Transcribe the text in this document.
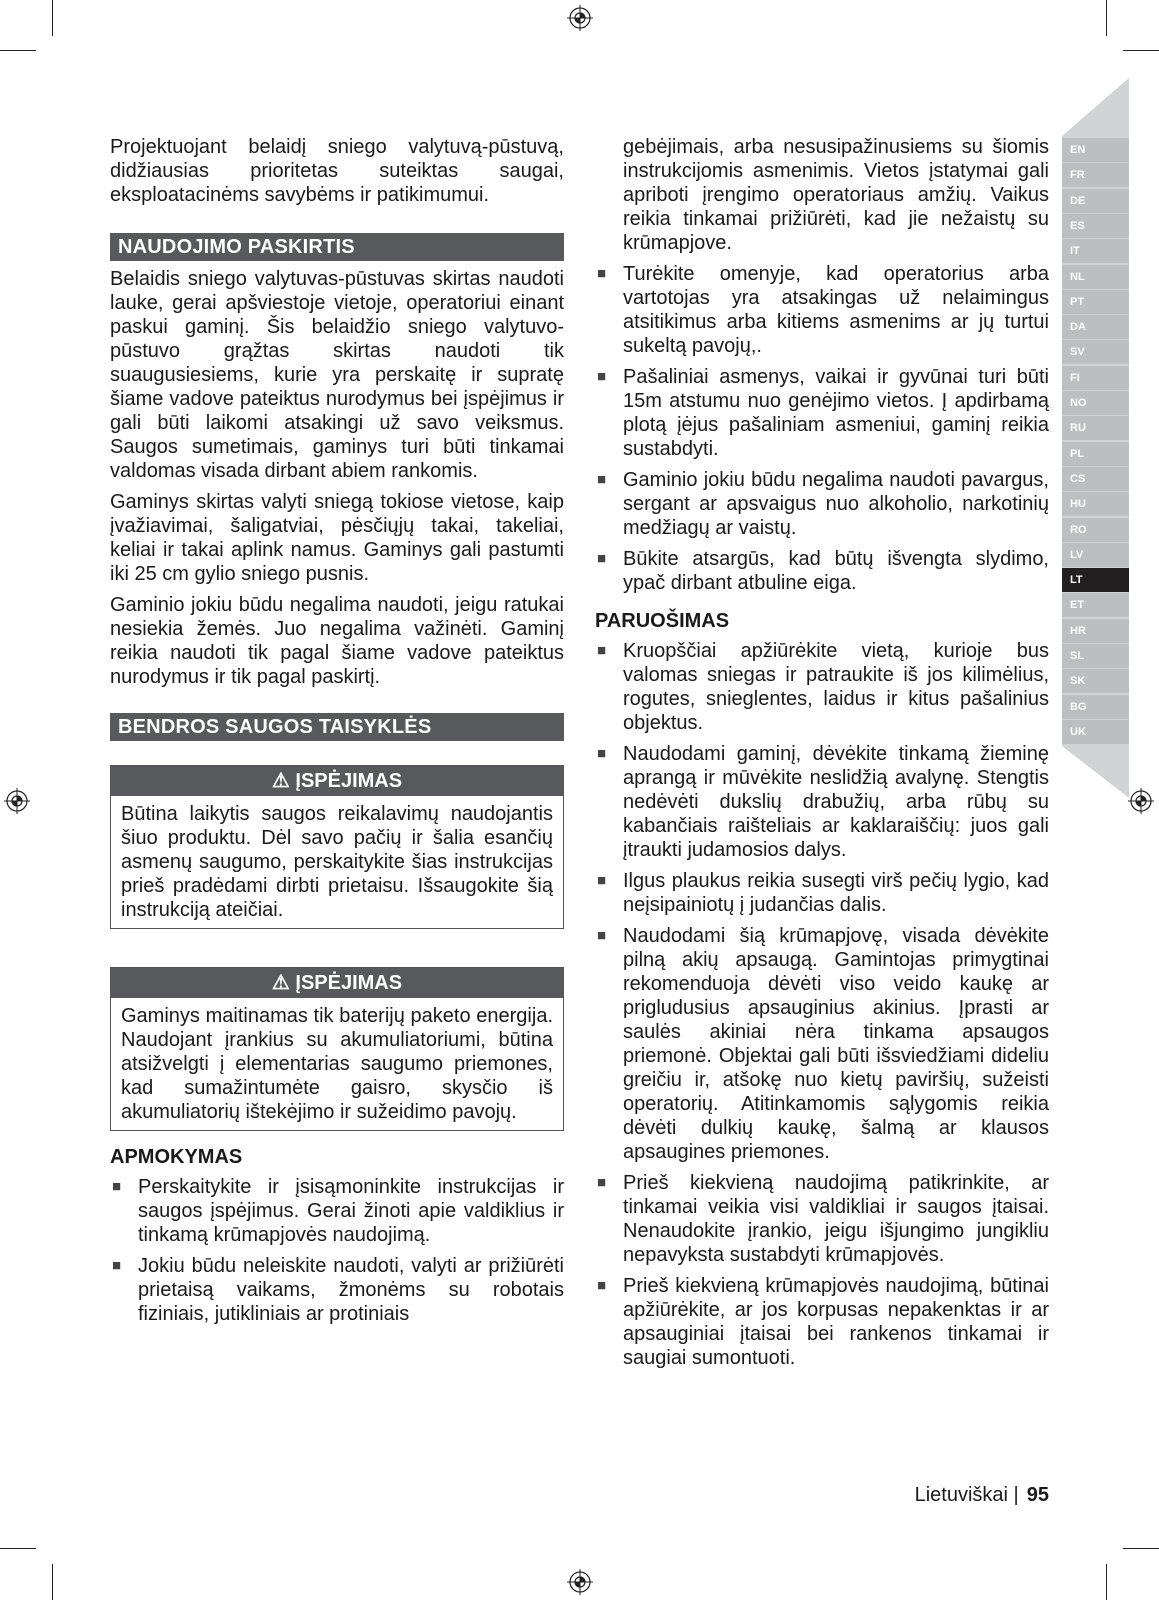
EN
FR
DE
ES
IT
NL
PT
DA
SV
FI
NO
RU
PL
CS
HU
RO
LV
LT
ET
HR
SL
SK
BG
UK

Projektuojant belaidį sniego valytuvą-pūstuvą, didžiausias prioritetas suteiktas saugai, eksploatacinėms savybėms ir patikimumui.

NAUDOJIMO PASKIRTIS

Belaidis sniego valytuvas-pūstuvas skirtas naudoti lauke, gerai apšviestoje vietoje, operatoriui einant paskui gaminį. Šis belaidžio sniego valytuvo-pūstuvo grąžtas skirtas naudoti tik suaugusiesiems, kurie yra perskaitę ir supratę šiame vadove pateiktus nurodymus bei įspėjimus ir gali būti laikomi atsakingi už savo veiksmus. Saugos sumetimais, gaminys turi būti tinkamai valdomas visada dirbant abiem rankomis.

Gaminys skirtas valyti sniegą tokiose vietose, kaip įvažiavimai, šaligatviai, pėsčiųjų takai, takeliai, keliai ir takai aplink namus. Gaminys gali pastumti iki 25 cm gylio sniego pusnis.

Gaminio jokiu būdu negalima naudoti, jeigu ratukai nesiekia žemės. Juo negalima važinėti. Gaminį reikia naudoti tik pagal šiame vadove pateiktus nurodymus ir tik pagal paskirtį.

BENDROS SAUGOS TAISYKLĖS
⚠ ĮSPĖJIMAS
Būtina laikytis saugos reikalavimų naudojantis šiuo produktu. Dėl savo pačių ir šalia esančių asmenų saugumo, perskaitykite šias instrukcijas prieš pradėdami dirbti prietaisu. Išsaugokite šią instrukciją ateičiai.
⚠ ĮSPĖJIMAS
Gaminys maitinamas tik baterijų paketo energija. Naudojant įrankius su akumuliatoriumi, būtina atsižvelgti į elementarias saugumo priemones, kad sumažintumėte gaisro, skysčio iš akumuliatorių ištekėjimo ir sužeidimo pavojų.
APMOKYMAS
■ Perskaitykite ir įsisąmoninkite instrukcijas ir saugos įspėjimus. Gerai žinoti apie valdiklius ir tinkamą krūmapjovės naudojimą.
■ Jokiu būdu neleiskite naudoti, valyti ar prižiūrėti prietaisą vaikams, žmonėms su robotais fiziniais, jutikliniais ar protiniais

gebėjimais, arba nesusipažinusiems su šiomis instrukcijomis asmenimis. Vietos įstatymai gali apriboti įrengimo operatoriaus amžių. Vaikus reikia tinkamai prižiūrėti, kad jie nežaistų su krūmapjove.

■ Turėkite omenyje, kad operatorius arba vartotojas yra atsakingas už nelaimingus atsitikimus arba kitiems asmenims ar jų turtui sukeltą pavojų,.
■ Pašaliniai asmenys, vaikai ir gyvūnai turi būti 15m atstumu nuo genėjimo vietos. Į apdirbamą plotą įėjus pašaliniam asmeniui, gaminį reikia sustabdyti.
■ Gaminio jokiu būdu negalima naudoti pavargus, sergant ar apsvaigus nuo alkoholio, narkotinių medžiagų ar vaistų.
■ Būkite atsargūs, kad būtų išvengta slydimo, ypač dirbant atbuline eiga.
PARUOŠIMAS
■ Kruopščiai apžiūrėkite vietą, kurioje bus valomas sniegas ir patraukite iš jos kilimėlius, rogutes, snieglentes, laidus ir kitus pašalinius objektus.
■ Naudodami gaminį, dėvėkite tinkamą žieminę aprangą ir mūvėkite neslidžią avalynę. Stengtis nedėvėti dukslių drabužių, arba rūbų su kabančiais raišteliais ar kaklaraiščių: juos gali įtraukti judamosios dalys.
■ Ilgus plaukus reikia susegti virš pečių lygio, kad neįsipainiotų į judančias dalis.
■ Naudodami šią krūmapjovę, visada dėvėkite pilną akių apsaugą. Gamintojas primygtinai rekomenduoja dėvėti viso veido kaukę ar prigludusius apsauginius akinius. Įprasti ar saulės akiniai nėra tinkama apsaugos priemonė. Objektai gali būti išsviedžiami dideliu greičiu ir, atšokę nuo kietų paviršių, sužeisti operatorių. Atitinkamomis sąlygomis reikia dėvėti dulkių kaukę, šalmą ar klausos apsaugines priemones.
■ Prieš kiekvieną naudojimą patikrinkite, ar tinkamai veikia visi valdikliai ir saugos įtaisai. Nenaudokite įrankio, jeigu išjungimo jungikliu nepavyksta sustabdyti krūmapjovės.
■ Prieš kiekvieną krūmapjovės naudojimą, būtinai apžiūrėkite, ar jos korpusas nepakenktas ir ar apsauginiai įtaisai bei rankenos tinkamai ir saugiai sumontuoti.
Lietuviškai | 95
